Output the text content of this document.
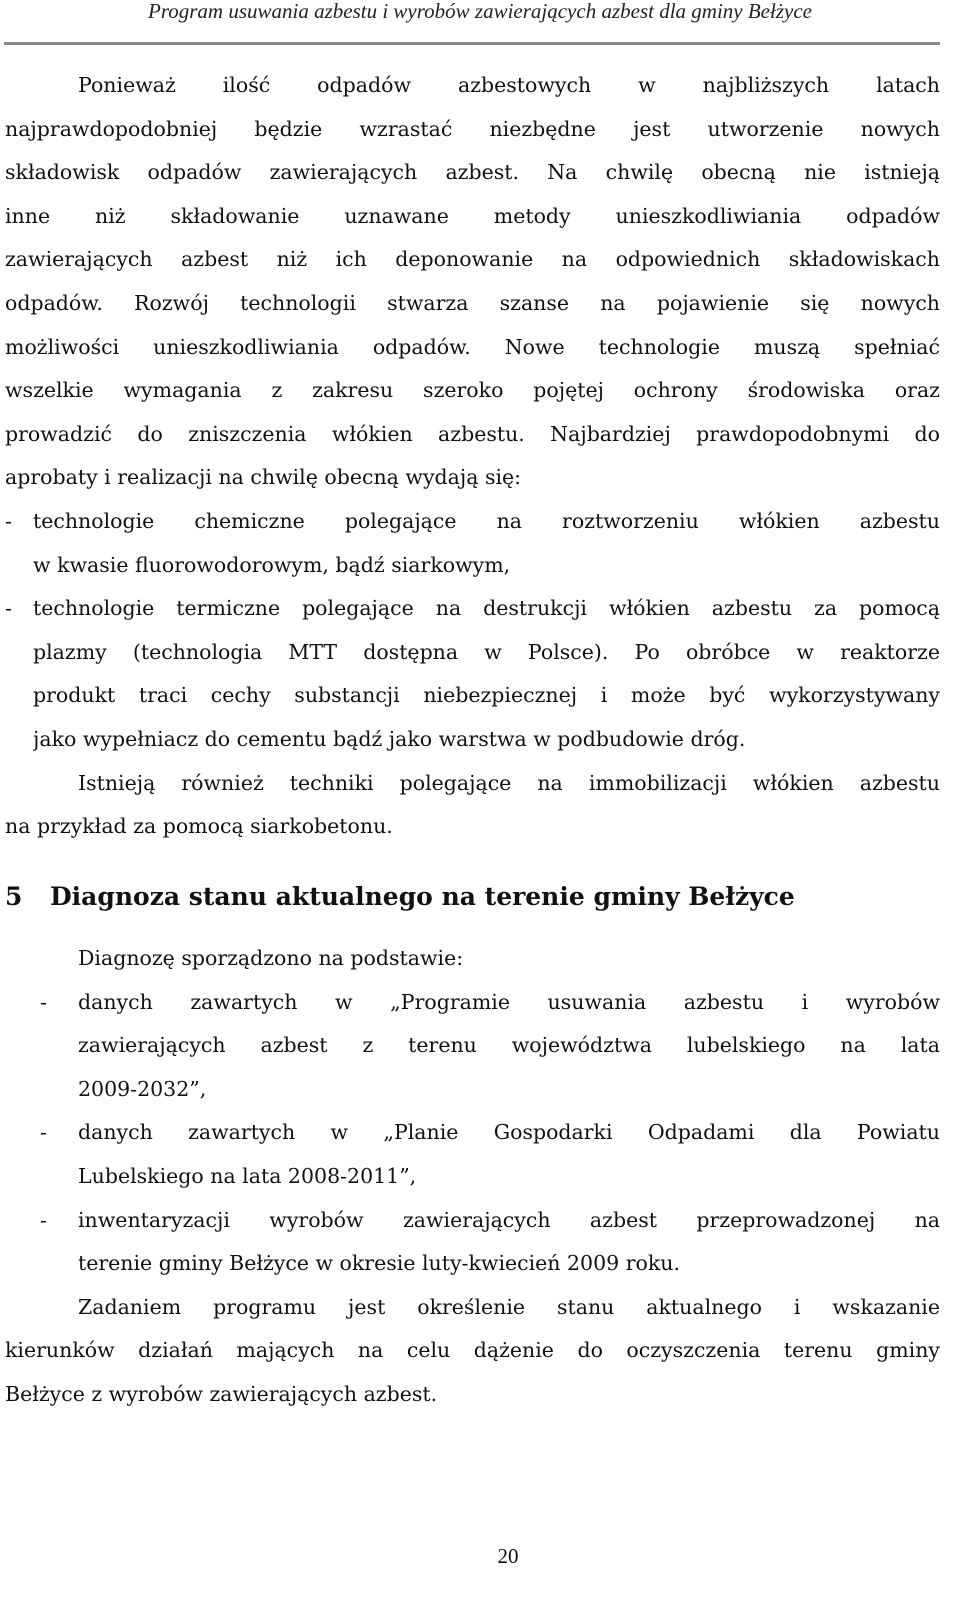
Program usuwania azbestu i wyrobów zawierających azbest dla gminy Bełżyce
Ponieważ ilość odpadów azbestowych w najbliższych latach
najprawdopodobniej będzie wzrastać niezbędne jest utworzenie nowych
składowisk odpadów zawierających azbest. Na chwilę obecną nie istnieją
inne niż składowanie uznawane metody unieszkodliwiania odpadów
zawierających azbest niż ich deponowanie na odpowiednich składowiskach
odpadów. Rozwój technologii stwarza szanse na pojawienie się nowych
możliwości unieszkodliwiania odpadów. Nowe technologie muszą spełniać
wszelkie wymagania z zakresu szeroko pojętej ochrony środowiska oraz
prowadzić do zniszczenia włókien azbestu. Najbardziej prawdopodobnymi do
aprobaty i realizacji na chwilę obecną wydają się:
- technologie chemiczne polegające na roztworzeniu włókien azbestu
w kwasie fluorowodorowym, bądź siarkowym,
- technologie termiczne polegające na destrukcji włókien azbestu za pomocą
plazmy (technologia MTT dostępna w Polsce). Po obróbce w reaktorze
produkt traci cechy substancji niebezpiecznej i może być wykorzystywany
jako wypełniacz do cementu bądź jako warstwa w podbudowie dróg.
Istnieją również techniki polegające na immobilizacji włókien azbestu
na przykład za pomocą siarkobetonu.
5 Diagnoza stanu aktualnego na terenie gminy Bełżyce
Diagnozę sporządzono na podstawie:
- danych zawartych w „Programie usuwania azbestu i wyrobów
zawierających azbest z terenu województwa lubelskiego na lata
2009-2032”,
- danych zawartych w „Planie Gospodarki Odpadami dla Powiatu
Lubelskiego na lata 2008-2011”,
- inwentaryzacji wyrobów zawierających azbest przeprowadzonej na
terenie gminy Bełżyce w okresie luty-kwiecień 2009 roku.
Zadaniem programu jest określenie stanu aktualnego i wskazanie
kierunków działań mających na celu dążenie do oczyszczenia terenu gminy
Bełżyce z wyrobów zawierających azbest.
20
